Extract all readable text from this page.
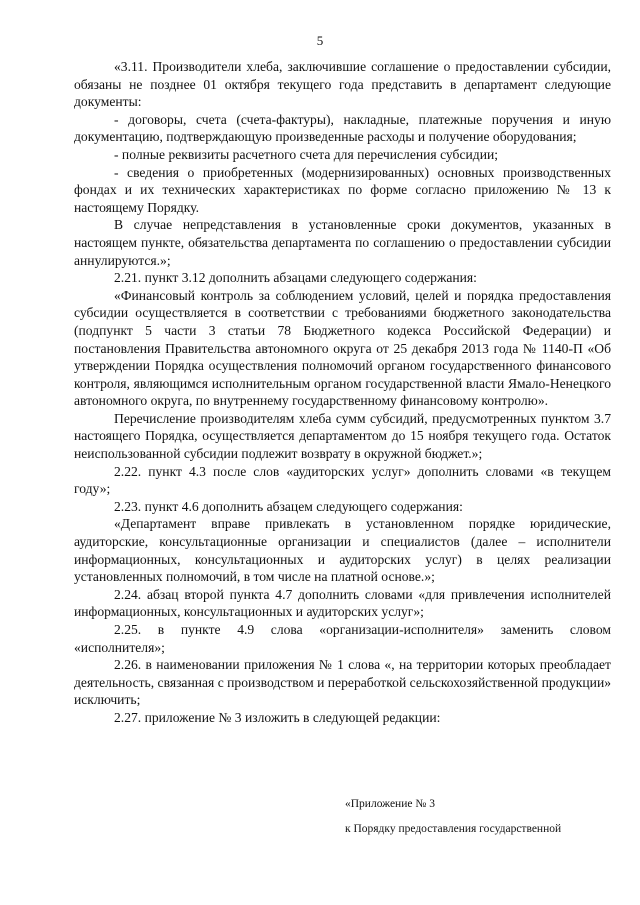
5

«3.11. Производители хлеба, заключившие соглашение о предоставлении субсидии, обязаны не позднее 01 октября текущего года представить в департамент следующие документы:

- договоры, счета (счета-фактуры), накладные, платежные поручения и иную документацию, подтверждающую произведенные расходы и получение оборудования;

- полные реквизиты расчетного счета для перечисления субсидии;

- сведения о приобретенных (модернизированных) основных производственных фондах и их технических характеристиках по форме согласно приложению № 13 к настоящему Порядку.

В случае непредставления в установленные сроки документов, указанных в настоящем пункте, обязательства департамента по соглашению о предоставлении субсидии аннулируются.»;

2.21. пункт 3.12 дополнить абзацами следующего содержания:

«Финансовый контроль за соблюдением условий, целей и порядка предоставления субсидии осуществляется в соответствии с требованиями бюджетного законодательства (подпункт 5 части 3 статьи 78 Бюджетного кодекса Российской Федерации) и постановления Правительства автономного округа от 25 декабря 2013 года № 1140-П «Об утверждении Порядка осуществления полномочий органом государственного финансового контроля, являющимся исполнительным органом государственной власти Ямало-Ненецкого автономного округа, по внутреннему государственному финансовому контролю».

Перечисление производителям хлеба сумм субсидий, предусмотренных пунктом 3.7 настоящего Порядка, осуществляется департаментом до 15 ноября текущего года. Остаток неиспользованной субсидии подлежит возврату в окружной бюджет.»;

2.22. пункт 4.3 после слов «аудиторских услуг» дополнить словами «в текущем году»;

2.23. пункт 4.6 дополнить абзацем следующего содержания:

«Департамент вправе привлекать в установленном порядке юридические, аудиторские, консультационные организации и специалистов (далее – исполнители информационных, консультационных и аудиторских услуг) в целях реализации установленных полномочий, в том числе на платной основе.»;

2.24. абзац второй пункта 4.7 дополнить словами «для привлечения исполнителей информационных, консультационных и аудиторских услуг»;

2.25. в пункте 4.9 слова «организации-исполнителя» заменить словом «исполнителя»;

2.26. в наименовании приложения № 1 слова «, на территории которых преобладает деятельность, связанная с производством и переработкой сельскохозяйственной продукции» исключить;

2.27. приложение № 3 изложить в следующей редакции:

«Приложение № 3

к Порядку предоставления государственной
